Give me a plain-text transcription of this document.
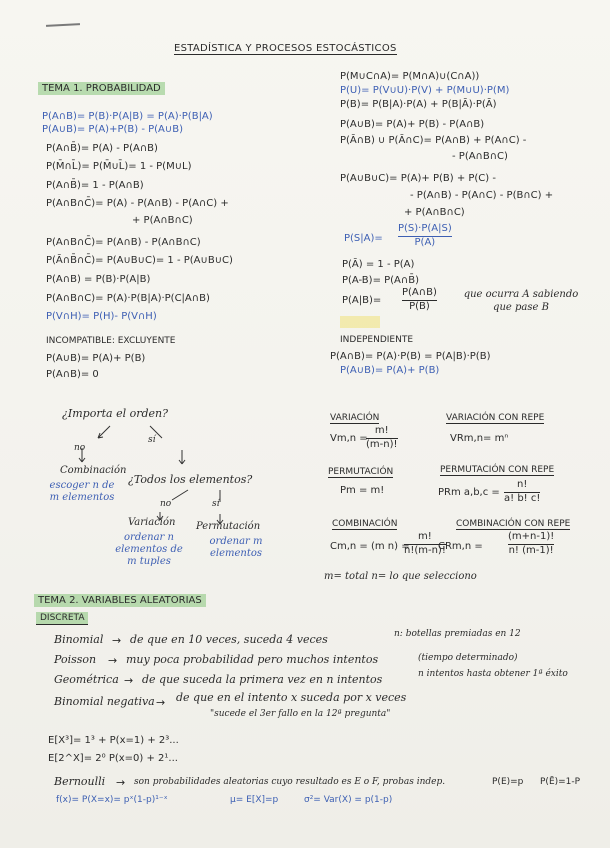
ESTADÍSTICA Y PROCESOS ESTOCÁSTICOS
TEMA 1. PROBABILIDAD
P(A∩B)= P(B)·P(A|B) = P(A)·P(B|A)
P(A∪B)= P(A)+P(B) - P(A∪B)
P(A∩B̄)= P(A) - P(A∩B)
P(M̄∩L̄)= P(M̄∪L̄)= 1 - P(M∪L)
P(A∩B̄)= 1 - P(A∩B)
P(A∩B∩C̄)= P(A) - P(A∩B) - P(A∩C) +
+ P(A∩B∩C)
P(A∩B∩C̄)= P(A∩B) - P(A∩B∩C)
P(Ā∩B̄∩C̄)= P(A∪B∪C)= 1 - P(A∪B∪C)
P(A∩B) = P(B)·P(A|B)
P(A∩B∩C)= P(A)·P(B|A)·P(C|A∩B)
P(V∩H)= P(H)- P(V∩H)
INCOMPATIBLE: EXCLUYENTE
P(A∪B)= P(A)+ P(B)
P(A∩B)= 0
P(M∪C∩A)= P(M∩A)∪(C∩A))
P(U)= P(V∪U)·P(V) + P(M∪U)·P(M)
P(B)= P(B|A)·P(A) + P(B|Ā)·P(Ā)
P(A∪B)= P(A)+ P(B) - P(A∩B)
P(Ā∩B) ∪ P(Ā∩C)= P(A∩B) + P(A∩C) -
- P(A∩B∩C)
P(A∪B∪C)= P(A)+ P(B) + P(C) -
- P(A∩B) - P(A∩C) - P(B∩C) +
+ P(A∩B∩C)
P(S|A)=
P(S)·P(A|S)
P(A)
P(Ā) = 1 - P(A)
P(A-B)= P(A∩B̄)
P(A|B)=
P(A∩B)
P(B)
que ocurra A sabiendo que pase B
INDEPENDIENTE
P(A∩B)= P(A)·P(B) = P(A|B)·P(B)
P(A∪B)= P(A)+ P(B)
¿Importa el orden?
no
sí
Combinación
escoger n de m elementos
¿Todos los elementos?
no	sí
Variación
ordenar n elementos de m tuples
Permutación
ordenar m elementos
VARIACIÓN
Vm,n =
m!
(m-n)!
VARIACIÓN CON REPE
VRm,n= mⁿ
PERMUTACIÓN
Pm = m!
PERMUTACIÓN CON REPE
PRm a,b,c =
n!
a! b! c!
COMBINACIÓN
Cm,n = (m n) =
m!
n!(m-n)!
COMBINACIÓN CON REPE
CRm,n =
(m+n-1)!
n! (m-1)!
m= total n= lo que selecciono
TEMA 2. VARIABLES ALEATORIAS
DISCRETA
Binomial → de que en 10 veces, suceda 4 veces	n: botellas premiadas en 12
Poisson → muy poca probabilidad pero muchos intentos	(tiempo determinado)
Geométrica → de que suceda la primera vez en n intentos	n intentos hasta obtener 1ª éxito
Binomial negativa → de que en el intento x suceda por x veces
"sucede el 3er fallo en la 12ª pregunta"
E[X³]= 1³ + P(x=1) + 2³...
E[2^X]= 2⁰ P(x=0) + 2¹...
Bernoulli → son probabilidades aleatorias cuyo resultado es E o F, probas indep.	P(E)=p P(Ē)=1-P
f(x)= P(X=x)= pˣ(1-p)¹⁻ˣ	μ= E[X]=p	σ²= Var(X) = p(1-p)
